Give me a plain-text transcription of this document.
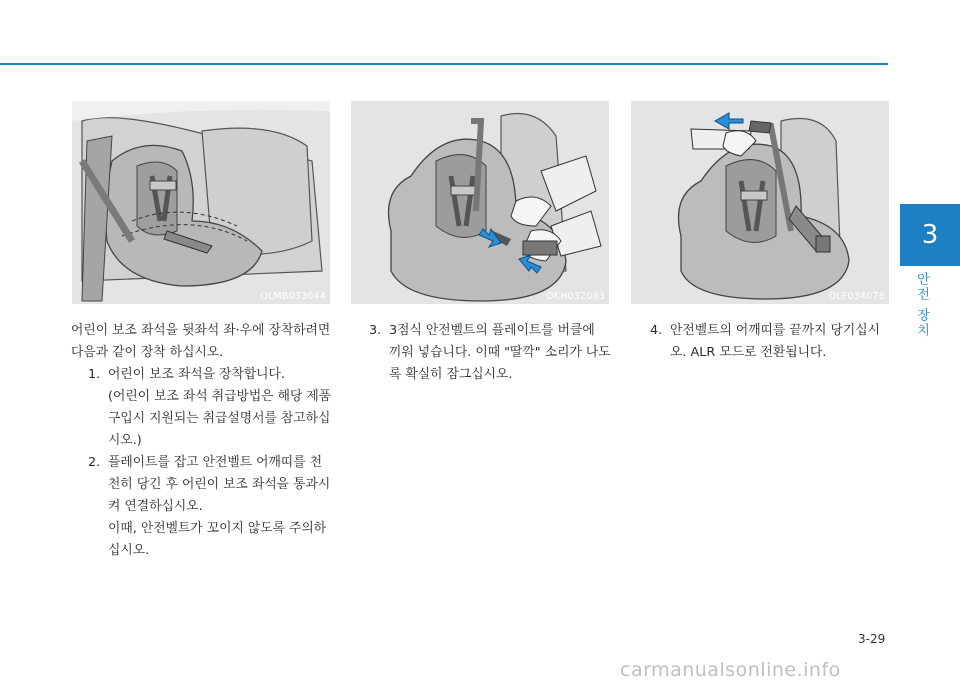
3
안전 장치
OLMB033044	OKH032093	OLF034076

어린이 보조 좌석을 뒷좌석 좌·우에 장착하려면 다음과 같이 장착 하십시오.

1. 어린이 보조 좌석을 장착합니다.

(어린이 보조 좌석 취급방법은 해당 제품 구입시 지원되는 취급설명서를 참고하십시오.)

2. 플레이트를 잡고 안전벨트 어깨띠를 천천히 당긴 후 어린이 보조 좌석을 통과시켜 연결하십시오.

이때, 안전벨트가 꼬이지 않도록 주의하십시오.

3. 3점식 안전벨트의 플레이트를 버클에 끼워 넣습니다. 이때 "딸깍" 소리가 나도록 확실히 잠그십시오.
4. 안전벨트의 어깨띠를 끝까지 당기십시오. ALR 모드로 전환됩니다.
3-29
carmanualsonline.info
